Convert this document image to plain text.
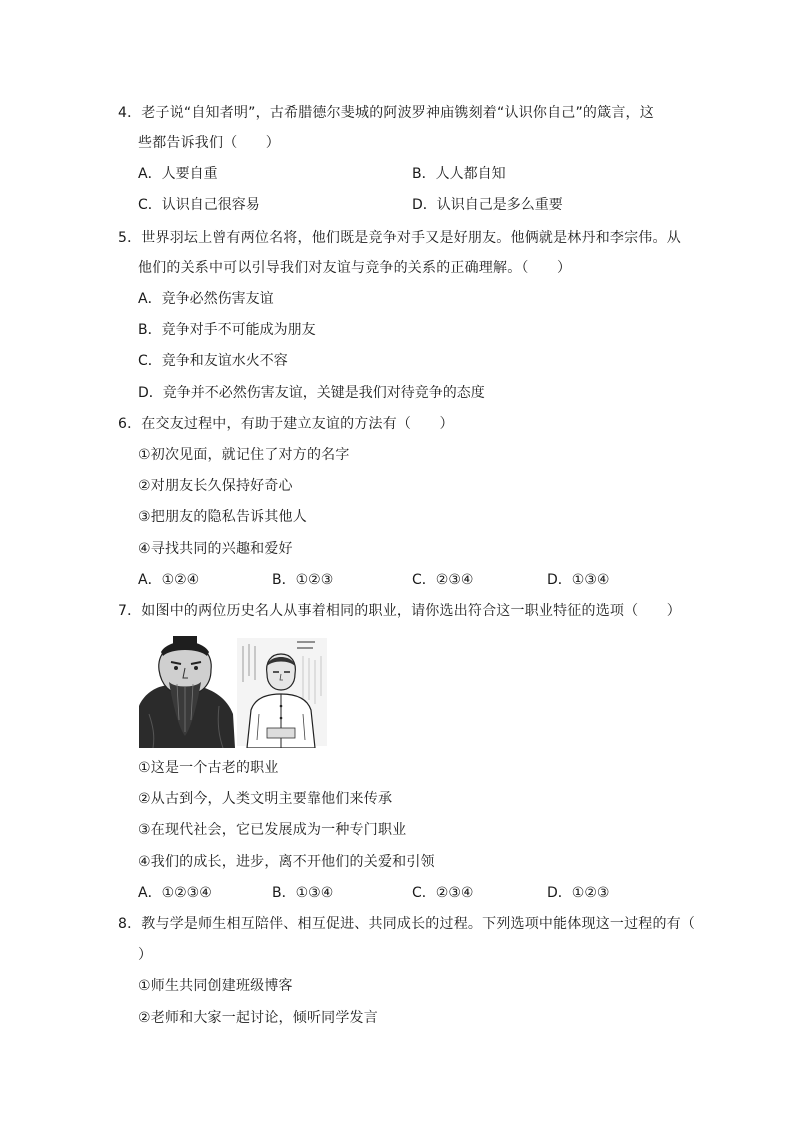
4．老子说“自知者明”，古希腊德尔斐城的阿波罗神庙镌刻着“认识你自己”的箴言，这
些都告诉我们（　　）
A．人要自重	B．人人都自知
C．认识自己很容易	D．认识自己是多么重要
5．世界羽坛上曾有两位名将，他们既是竞争对手又是好朋友。他俩就是林丹和李宗伟。从
他们的关系中可以引导我们对友谊与竞争的关系的正确理解。（　　）
A．竞争必然伤害友谊
B．竞争对手不可能成为朋友
C．竞争和友谊水火不容
D．竞争并不必然伤害友谊，关键是我们对待竞争的态度
6．在交友过程中，有助于建立友谊的方法有（　　）
①初次见面，就记住了对方的名字
②对朋友长久保持好奇心
③把朋友的隐私告诉其他人
④寻找共同的兴趣和爱好
A．①②④	B．①②③	C．②③④	D．①③④
7．如图中的两位历史名人从事着相同的职业，请你选出符合这一职业特征的选项（　　）
①这是一个古老的职业
②从古到今，人类文明主要靠他们来传承
③在现代社会，它已发展成为一种专门职业
④我们的成长，进步，离不开他们的关爱和引领
A．①②③④	B．①③④	C．②③④	D．①②③
8．教与学是师生相互陪伴、相互促进、共同成长的过程。下列选项中能体现这一过程的有（
）
①师生共同创建班级博客
②老师和大家一起讨论，倾听同学发言
